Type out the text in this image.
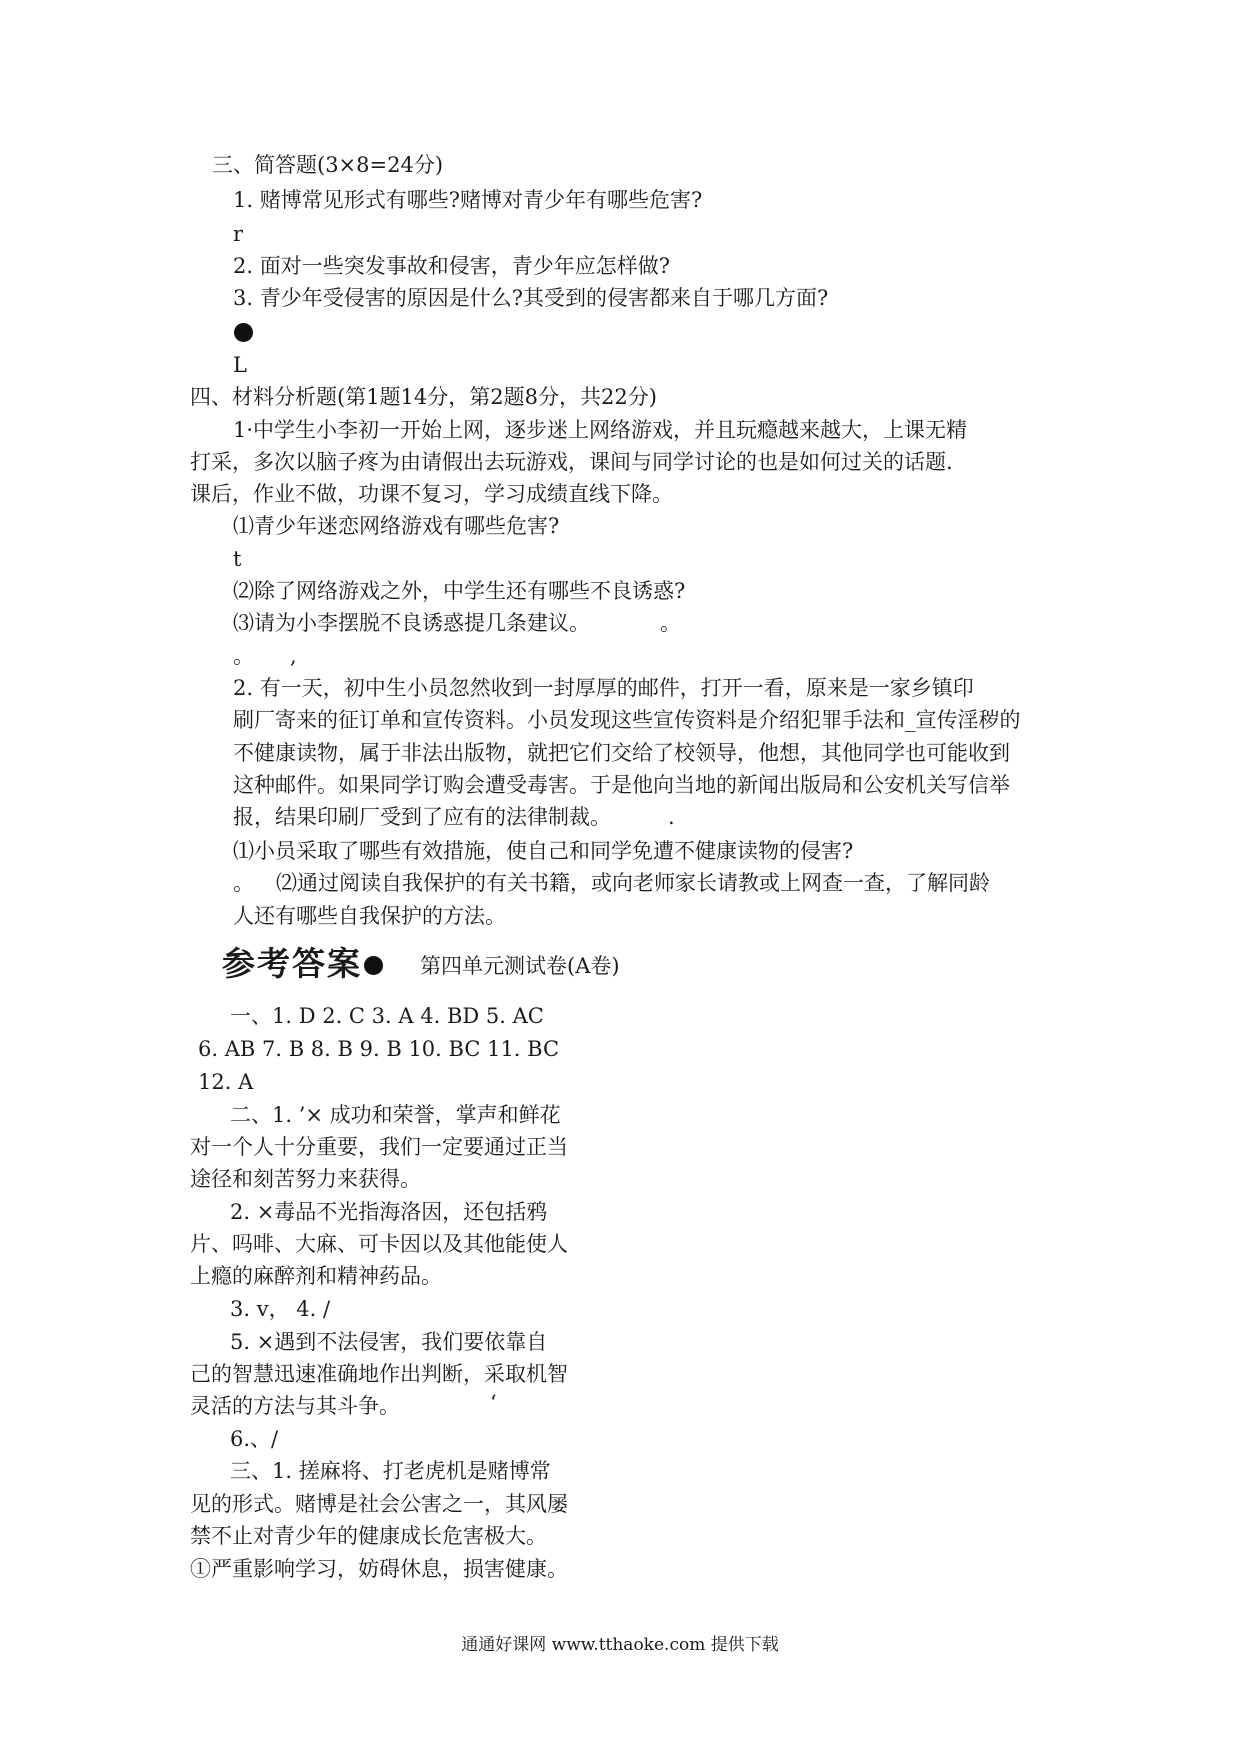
三、简答题(3×8=24分)
1. 赌博常见形式有哪些?赌博对青少年有哪些危害?
r
2. 面对一些突发事故和侵害，青少年应怎样做?
3. 青少年受侵害的原因是什么?其受到的侵害都来自于哪几方面?
L
四、材料分析题(第1题14分，第2题8分，共22分)
1·中学生小李初一开始上网，逐步迷上网络游戏，并且玩瘾越来越大，上课无精
打采，多次以脑子疼为由请假出去玩游戏，课间与同学讨论的也是如何过关的话题.
课后，作业不做，功课不复习，学习成绩直线下降。
⑴青少年迷恋网络游戏有哪些危害?
t
⑵除了网络游戏之外，中学生还有哪些不良诱惑?
⑶请为小李摆脱不良诱惑提几条建议。	。
。 ,
2. 有一天，初中生小员忽然收到一封厚厚的邮件，打开一看，原来是一家乡镇印
刷厂寄来的征订单和宣传资料。小员发现这些宣传资料是介绍犯罪手法和_宣传淫秽的
不健康读物，属于非法出版物，就把它们交给了校领导，他想，其他同学也可能收到
这种邮件。如果同学订购会遭受毒害。于是他向当地的新闻出版局和公安机关写信举
报，结果印刷厂受到了应有的法律制裁。	.
⑴小员采取了哪些有效措施，使自己和同学免遭不健康读物的侵害?
。 ⑵通过阅读自我保护的有关书籍，或向老师家长请教或上网查一查，了解同龄
人还有哪些自我保护的方法。
参考答案	第四单元测试卷(A卷)
一、1. D 2. C 3. A 4. BD 5. AC
6. AB 7. B 8. B 9. B 10. BC 11. BC
12. A
二、1. ’× 成功和荣誉，掌声和鲜花
对一个人十分重要，我们一定要通过正当
途径和刻苦努力来获得。
2. ×毒品不光指海洛因，还包括鸦
片、吗啡、大麻、可卡因以及其他能使人
上瘾的麻醉剂和精神药品。
3. v， 4. /
5. ×遇到不法侵害，我们要依靠自
己的智慧迅速准确地作出判断，采取机智
灵活的方法与其斗争。	‘
6.、/
三、1. 搓麻将、打老虎机是赌博常
见的形式。赌博是社会公害之一，其风屡
禁不止对青少年的健康成长危害极大。
①严重影响学习，妨碍休息，损害健康。
通通好课网 www.tthaoke.com 提供下载
